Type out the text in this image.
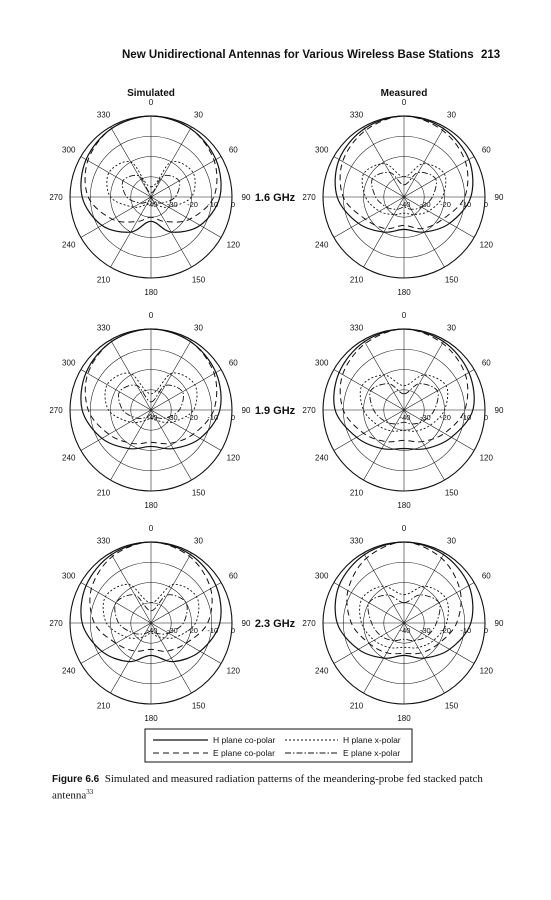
New Unidirectional Antennas for Various Wireless Base Stations 213
Simulated	Measured
1.6 GHz
1.9 GHz
2.3 GHz
0
30
60
90
120
150
180
210
240
270
300
330
-40 -30 -20 -10 0
0
30
60
90
120
150
180
210
240
270
300
330
-40 -30 -20 -10 0
0
30
60
90
120
150
180
210
240
270
300
330
-40 -30 -20 -10 0
0
30
60
90
120
150
180
210
240
270
300
330
-40 -30 -20 -10 0
0
30
60
90
120
150
180
210
240
270
300
330
-40 -30 -20 -10 0
0
30
60
90
120
150
180
210
240
270
300
330
-40 -30 -20 -10 0
H plane co-polar	H plane x-polar
E plane co-polar	E plane x-polar
Figure 6.6 Simulated and measured radiation patterns of the meandering-probe fed stacked patch antenna$^{33}$
